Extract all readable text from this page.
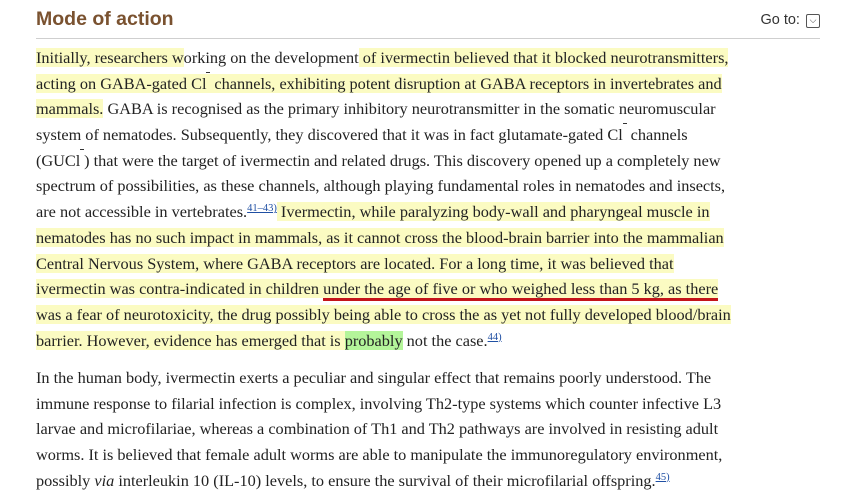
Mode of action	Go to: ⌵
Initially, researchers working on the development of ivermectin believed that it blocked neurotransmitters,
acting on GABA-gated Cl  channels, exhibiting potent disruption at GABA receptors in invertebrates and
mammals. GABA is recognised as the primary inhibitory neurotransmitter in the somatic neuromuscular
system of nematodes. Subsequently, they discovered that it was in fact glutamate-gated Cl  channels
(GUCl  ) that were the target of ivermectin and related drugs. This discovery opened up a completely new
spectrum of possibilities, as these channels, although playing fundamental roles in nematodes and insects,
are not accessible in vertebrates.$^{41-43)}$ Ivermectin, while paralyzing body-wall and pharyngeal muscle in
nematodes has no such impact in mammals, as it cannot cross the blood-brain barrier into the mammalian
Central Nervous System, where GABA receptors are located. For a long time, it was believed that
ivermectin was contra-indicated in children under the age of five or who weighed less than 5 kg, as there
was a fear of neurotoxicity, the drug possibly being able to cross the as yet not fully developed blood/brain
barrier. However, evidence has emerged that is probably not the case.$^{44)}$
In the human body, ivermectin exerts a peculiar and singular effect that remains poorly understood. The
immune response to filarial infection is complex, involving Th2-type systems which counter infective L3
larvae and microfilariae, whereas a combination of Th1 and Th2 pathways are involved in resisting adult
worms. It is believed that female adult worms are able to manipulate the immunoregulatory environment,
possibly via interleukin 10 (IL-10) levels, to ensure the survival of their microfilarial offspring.$^{45)}$
